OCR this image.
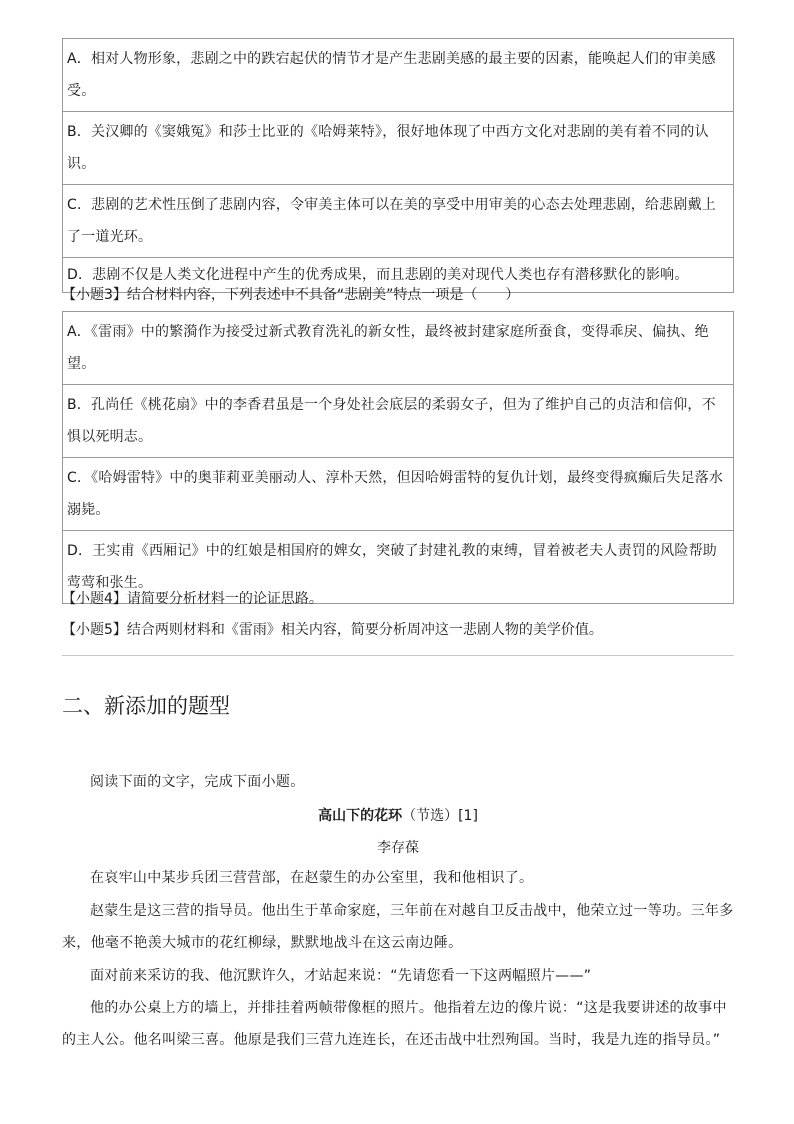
A．相对人物形象，悲剧之中的跌宕起伏的情节才是产生悲剧美感的最主要的因素，能唤起人们的审美感受。
B．关汉卿的《窦娥冤》和莎士比亚的《哈姆莱特》，很好地体现了中西方文化对悲剧的美有着不同的认识。
C．悲剧的艺术性压倒了悲剧内容，令审美主体可以在美的享受中用审美的心态去处理悲剧，给悲剧戴上了一道光环。
D．悲剧不仅是人类文化进程中产生的优秀成果，而且悲剧的美对现代人类也存有潜移默化的影响。
【小题3】结合材料内容，下列表述中不具备“悲剧美”特点一项是（　　）
A．《雷雨》中的繁漪作为接受过新式教育洗礼的新女性，最终被封建家庭所蚕食，变得乖戾、偏执、绝望。
B．孔尚任《桃花扇》中的李香君虽是一个身处社会底层的柔弱女子，但为了维护自己的贞洁和信仰，不惧以死明志。
C．《哈姆雷特》中的奥菲莉亚美丽动人、淳朴天然，但因哈姆雷特的复仇计划，最终变得疯癫后失足落水溺毙。
D．王实甫《西厢记》中的红娘是相国府的婢女，突破了封建礼教的束缚，冒着被老夫人责罚的风险帮助莺莺和张生。
【小题4】请简要分析材料一的论证思路。
【小题5】结合两则材料和《雷雨》相关内容，简要分析周冲这一悲剧人物的美学价值。
二、新添加的题型
阅读下面的文字，完成下面小题。
高山下的花环（节选）[1]
李存葆
在哀牢山中某步兵团三营营部，在赵蒙生的办公室里，我和他相识了。
赵蒙生是这三营的指导员。他出生于革命家庭，三年前在对越自卫反击战中，他荣立过一等功。三年多来，他毫不艳羡大城市的花红柳绿，默默地战斗在这云南边陲。
面对前来采访的我、他沉默许久，才站起来说：“先请您看一下这两幅照片——”
他的办公桌上方的墙上，并排挂着两帧带像框的照片。他指着左边的像片说：“这是我要讲述的故事中的主人公。他名叫梁三喜。他原是我们三营九连连长，在还击战中壮烈殉国。当时，我是九连的指导员。”
